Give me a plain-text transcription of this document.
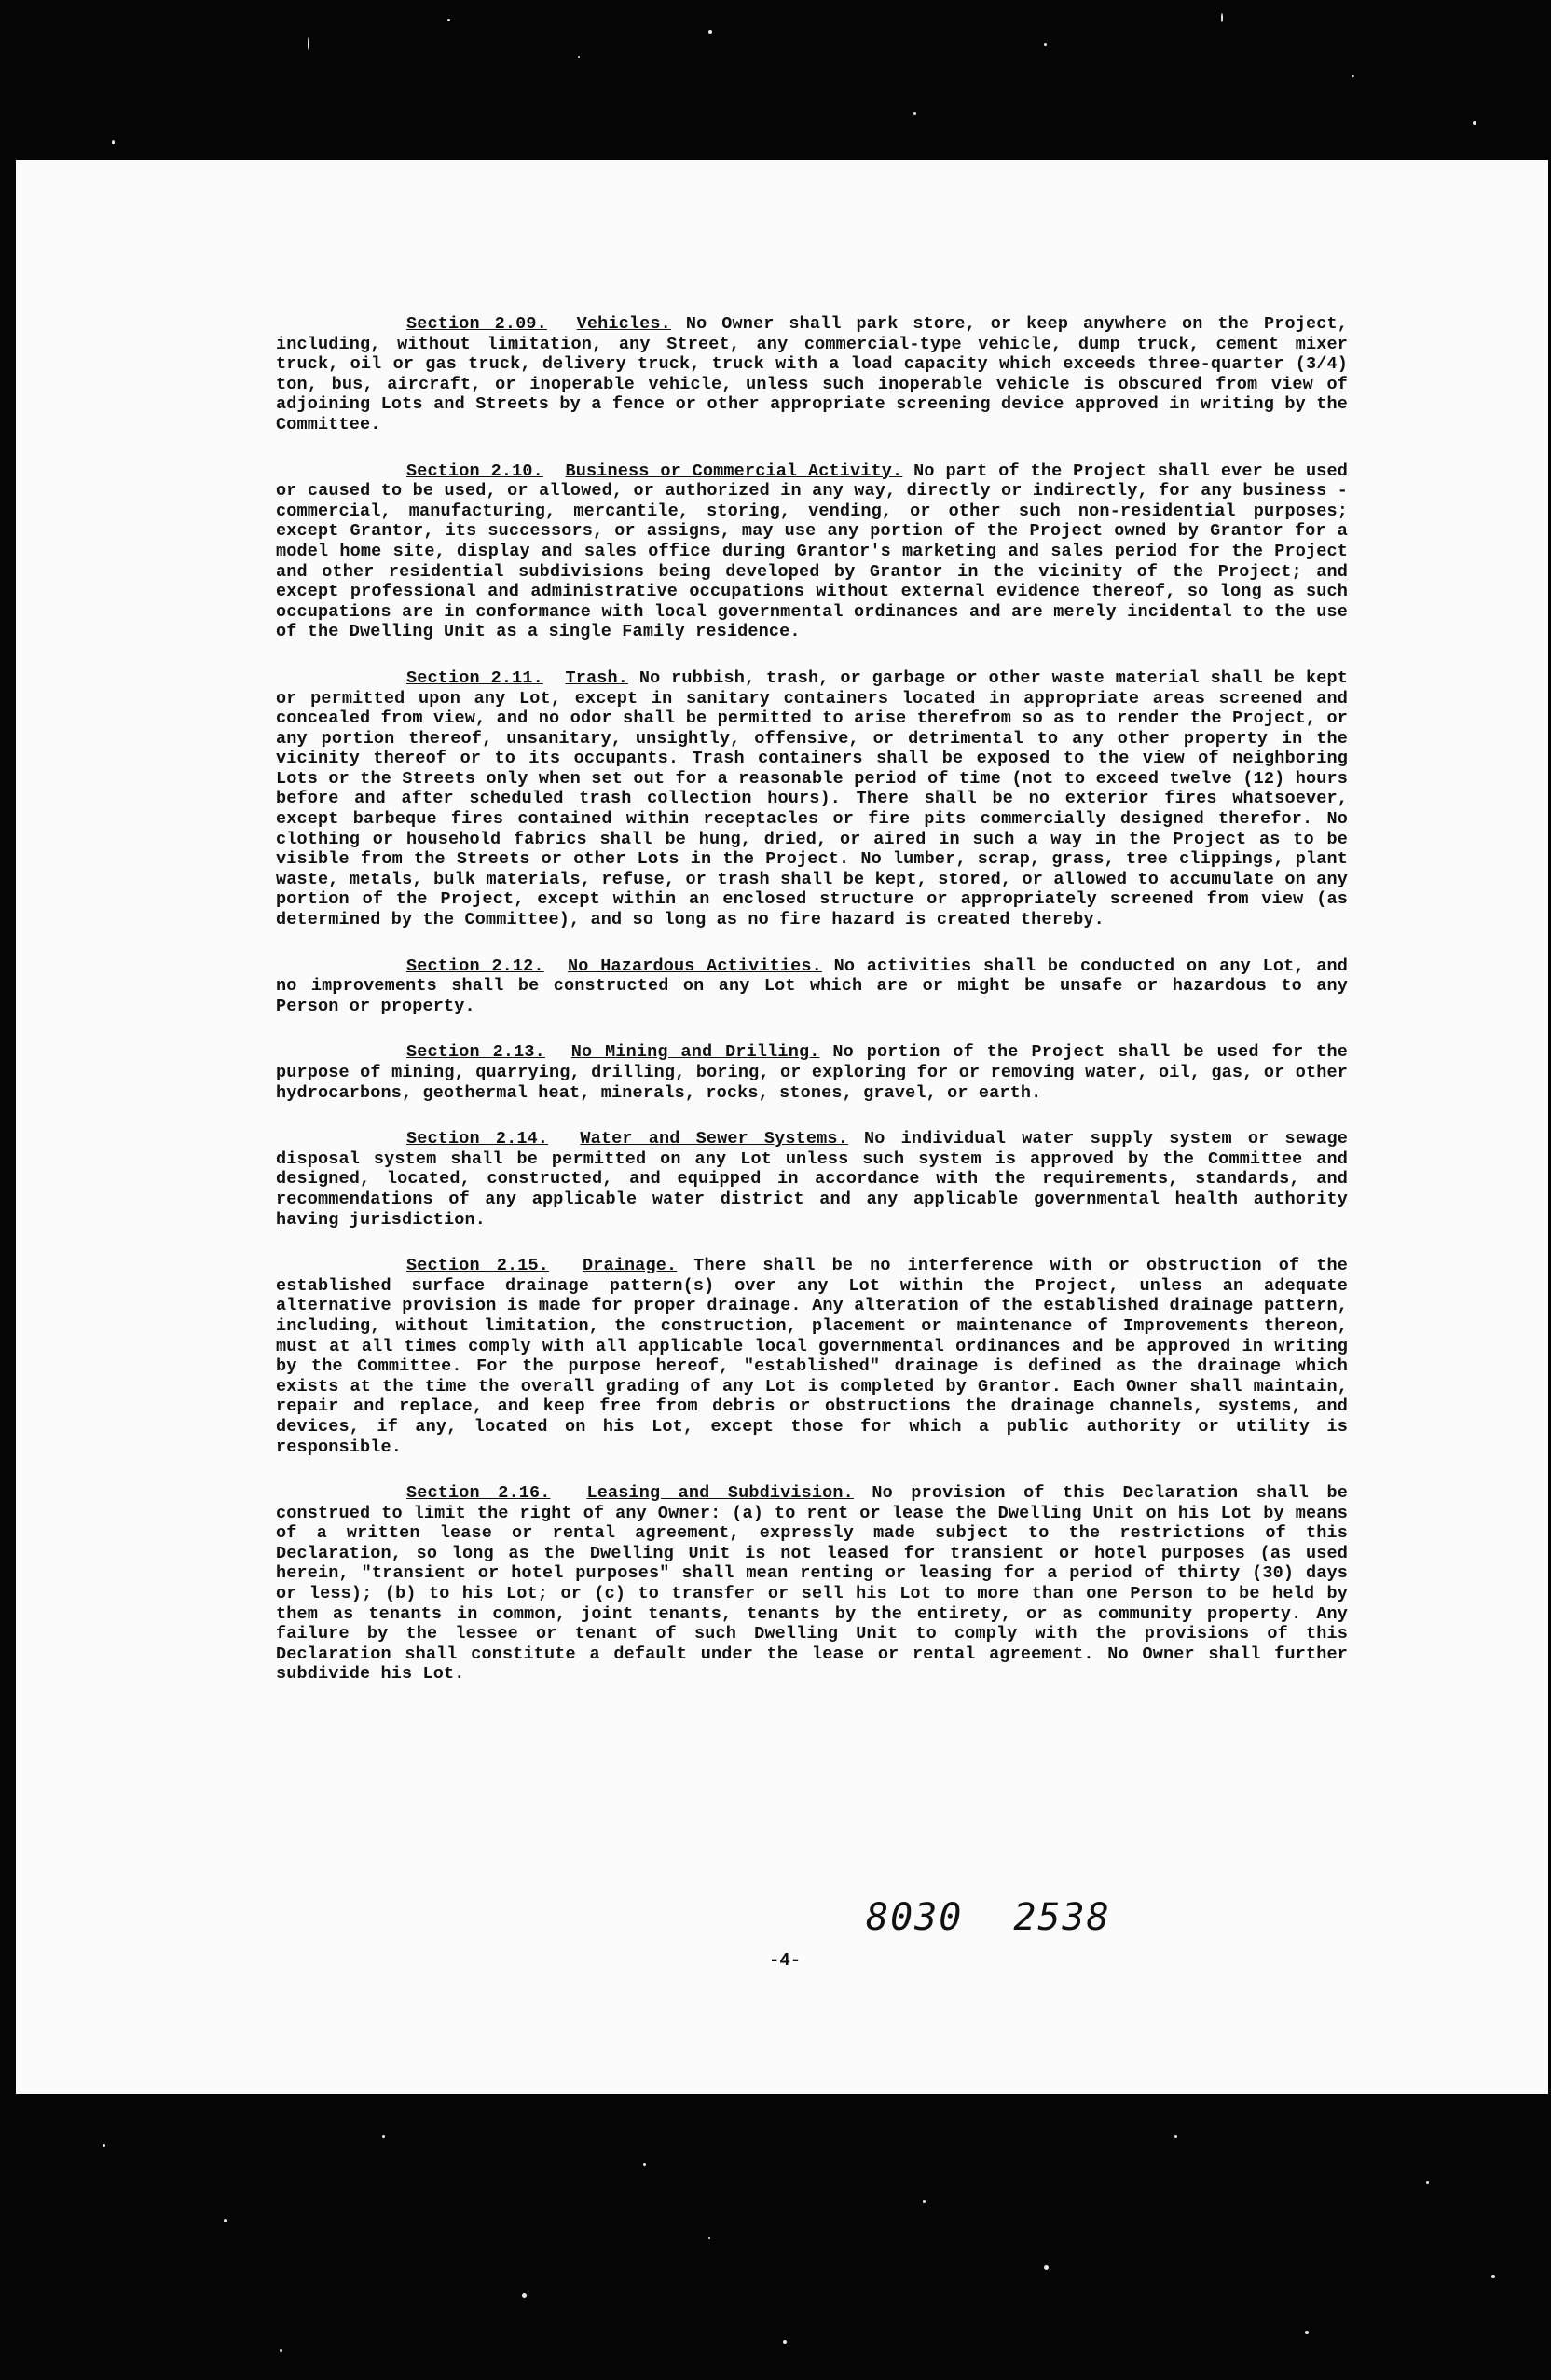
Section 2.09. Vehicles. No Owner shall park store, or keep anywhere on the Project, including, without limitation, any Street, any commercial-type vehicle, dump truck, cement mixer truck, oil or gas truck, delivery truck, truck with a load capacity which exceeds three-quarter (3/4) ton, bus, aircraft, or inoperable vehicle, unless such inoperable vehicle is obscured from view of adjoining Lots and Streets by a fence or other appropriate screening device approved in writing by the Committee.

Section 2.10. Business or Commercial Activity. No part of the Project shall ever be used or caused to be used, or allowed, or authorized in any way, directly or indirectly, for any business - commercial, manufacturing, mercantile, storing, vending, or other such non-residential purposes; except Grantor, its successors, or assigns, may use any portion of the Project owned by Grantor for a model home site, display and sales office during Grantor's marketing and sales period for the Project and other residential subdivisions being developed by Grantor in the vicinity of the Project; and except professional and administrative occupations without external evidence thereof, so long as such occupations are in conformance with local governmental ordinances and are merely incidental to the use of the Dwelling Unit as a single Family residence.

Section 2.11. Trash. No rubbish, trash, or garbage or other waste material shall be kept or permitted upon any Lot, except in sanitary containers located in appropriate areas screened and concealed from view, and no odor shall be permitted to arise therefrom so as to render the Project, or any portion thereof, unsanitary, unsightly, offensive, or detrimental to any other property in the vicinity thereof or to its occupants. Trash containers shall be exposed to the view of neighboring Lots or the Streets only when set out for a reasonable period of time (not to exceed twelve (12) hours before and after scheduled trash collection hours). There shall be no exterior fires whatsoever, except barbeque fires contained within receptacles or fire pits commercially designed therefor. No clothing or household fabrics shall be hung, dried, or aired in such a way in the Project as to be visible from the Streets or other Lots in the Project. No lumber, scrap, grass, tree clippings, plant waste, metals, bulk materials, refuse, or trash shall be kept, stored, or allowed to accumulate on any portion of the Project, except within an enclosed structure or appropriately screened from view (as determined by the Committee), and so long as no fire hazard is created thereby.

Section 2.12. No Hazardous Activities. No activities shall be conducted on any Lot, and no improvements shall be constructed on any Lot which are or might be unsafe or hazardous to any Person or property.

Section 2.13. No Mining and Drilling. No portion of the Project shall be used for the purpose of mining, quarrying, drilling, boring, or exploring for or removing water, oil, gas, or other hydrocarbons, geothermal heat, minerals, rocks, stones, gravel, or earth.

Section 2.14. Water and Sewer Systems. No individual water supply system or sewage disposal system shall be permitted on any Lot unless such system is approved by the Committee and designed, located, constructed, and equipped in accordance with the requirements, standards, and recommendations of any applicable water district and any applicable governmental health authority having jurisdiction.

Section 2.15. Drainage. There shall be no interference with or obstruction of the established surface drainage pattern(s) over any Lot within the Project, unless an adequate alternative provision is made for proper drainage. Any alteration of the established drainage pattern, including, without limitation, the construction, placement or maintenance of Improvements thereon, must at all times comply with all applicable local governmental ordinances and be approved in writing by the Committee. For the purpose hereof, "established" drainage is defined as the drainage which exists at the time the overall grading of any Lot is completed by Grantor. Each Owner shall maintain, repair and replace, and keep free from debris or obstructions the drainage channels, systems, and devices, if any, located on his Lot, except those for which a public authority or utility is responsible.

Section 2.16. Leasing and Subdivision. No provision of this Declaration shall be construed to limit the right of any Owner: (a) to rent or lease the Dwelling Unit on his Lot by means of a written lease or rental agreement, expressly made subject to the restrictions of this Declaration, so long as the Dwelling Unit is not leased for transient or hotel purposes (as used herein, "transient or hotel purposes" shall mean renting or leasing for a period of thirty (30) days or less); (b) to his Lot; or (c) to transfer or sell his Lot to more than one Person to be held by them as tenants in common, joint tenants, tenants by the entirety, or as community property. Any failure by the lessee or tenant of such Dwelling Unit to comply with the provisions of this Declaration shall constitute a default under the lease or rental agreement. No Owner shall further subdivide his Lot.

8030 2538
-4-
